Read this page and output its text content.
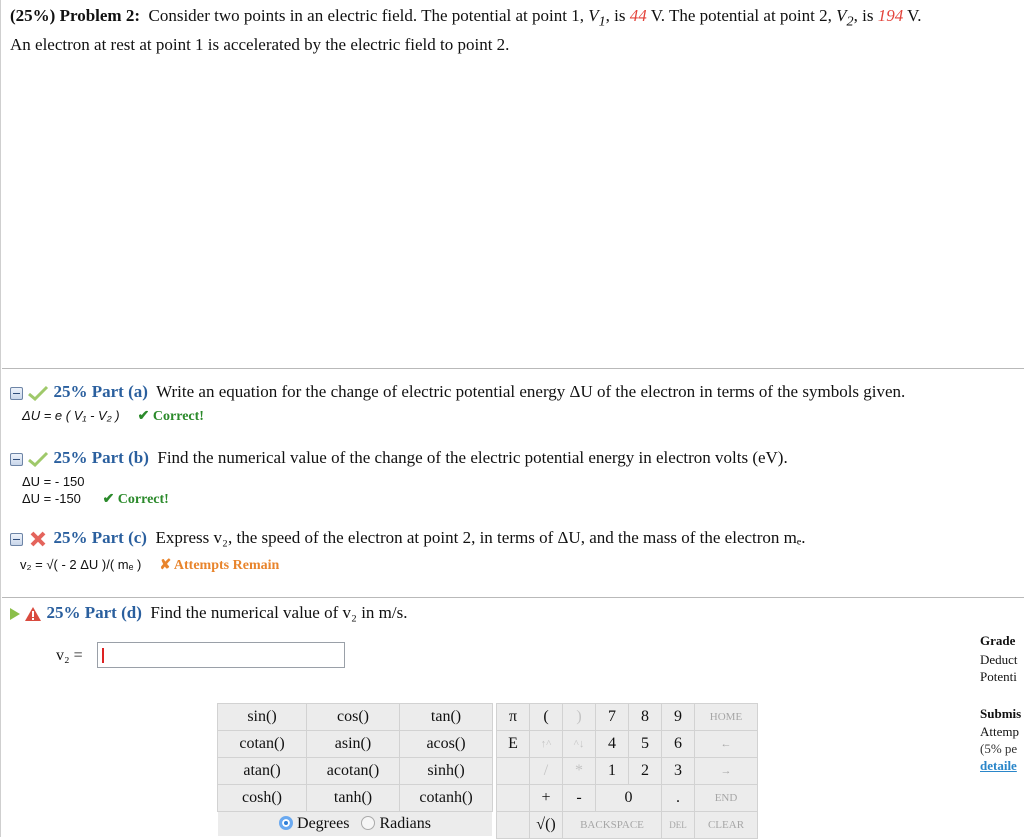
(25%) Problem 2: Consider two points in an electric field. The potential at point 1, $V_1$, is 44 V. The potential at point 2, $V_2$, is 194 V.
An electron at rest at point 1 is accelerated by the electric field to point 2.
25% Part (a) Write an equation for the change of electric potential energy ΔU of the electron in terms of the symbols given.
ΔU = e ( V₁ - V₂ ) ✔ Correct!
25% Part (b) Find the numerical value of the change of the electric potential energy in electron volts (eV).
ΔU = - 150
ΔU = -150 ✔ Correct!
25% Part (c) Express v₂, the speed of the electron at point 2, in terms of ΔU, and the mass of the electron mₑ.
v₂ = √( - 2 ΔU )/( mₑ ) ✘ Attempts Remain
25% Part (d) Find the numerical value of v₂ in m/s.
v₂ =
Grade
Deduct
Potenti
Submis
Attemp
(5% pe
detaile
sin()	cos()	tan()
cotan()	asin()	acos()
atan()	acotan()	sinh()
cosh()	tanh()	cotanh()
Degrees Radians
π	(	)	7	8	9	HOME
E	↑^	^↓	4	5	6	←
	/	*	1	2	3	→
	+	-	0		.	END
	√()	BACKSPACE			DEL	CLEAR
